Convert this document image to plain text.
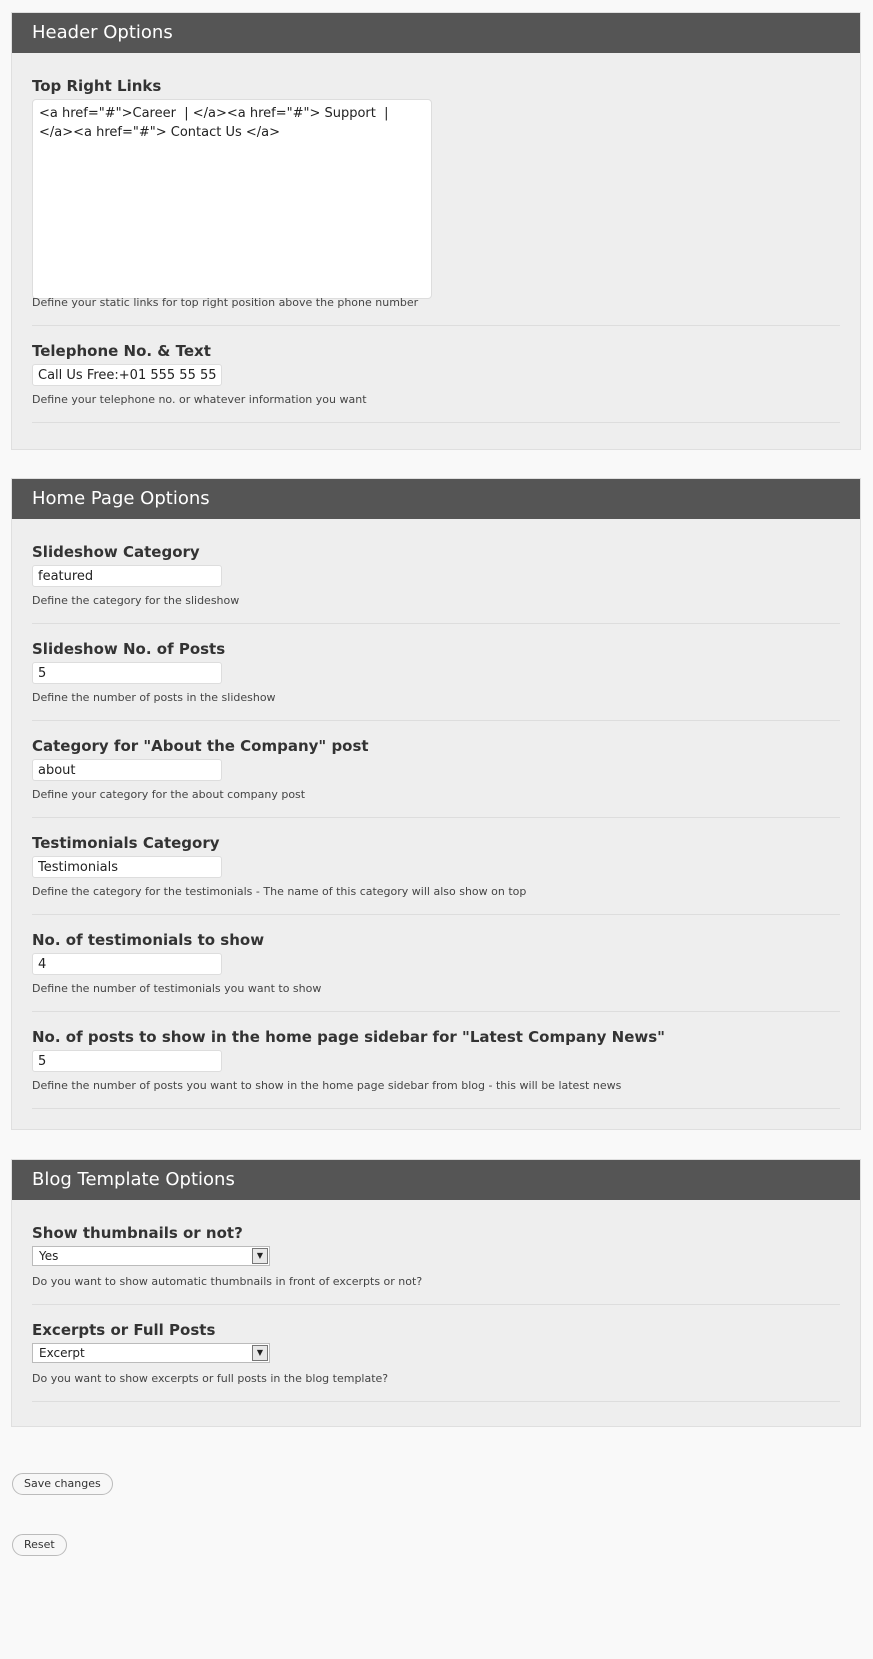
Header Options
Top Right Links
<a href="#">Career | </a><a href="#"> Support | </a><a href="#"> Contact Us </a>
Define your static links for top right position above the phone number
Telephone No. & Text
Call Us Free:+01 555 55 55
Define your telephone no. or whatever information you want
Home Page Options
Slideshow Category
featured
Define the category for the slideshow
Slideshow No. of Posts
5
Define the number of posts in the slideshow
Category for "About the Company" post
about
Define your category for the about company post
Testimonials Category
Testimonials
Define the category for the testimonials - The name of this category will also show on top
No. of testimonials to show
4
Define the number of testimonials you want to show
No. of posts to show in the home page sidebar for "Latest Company News"
5
Define the number of posts you want to show in the home page sidebar from blog - this will be latest news
Blog Template Options
Show thumbnails or not?
Yes	▼
Do you want to show automatic thumbnails in front of excerpts or not?
Excerpts or Full Posts
Excerpt	▼
Do you want to show excerpts or full posts in the blog template?
Save changes
Reset
